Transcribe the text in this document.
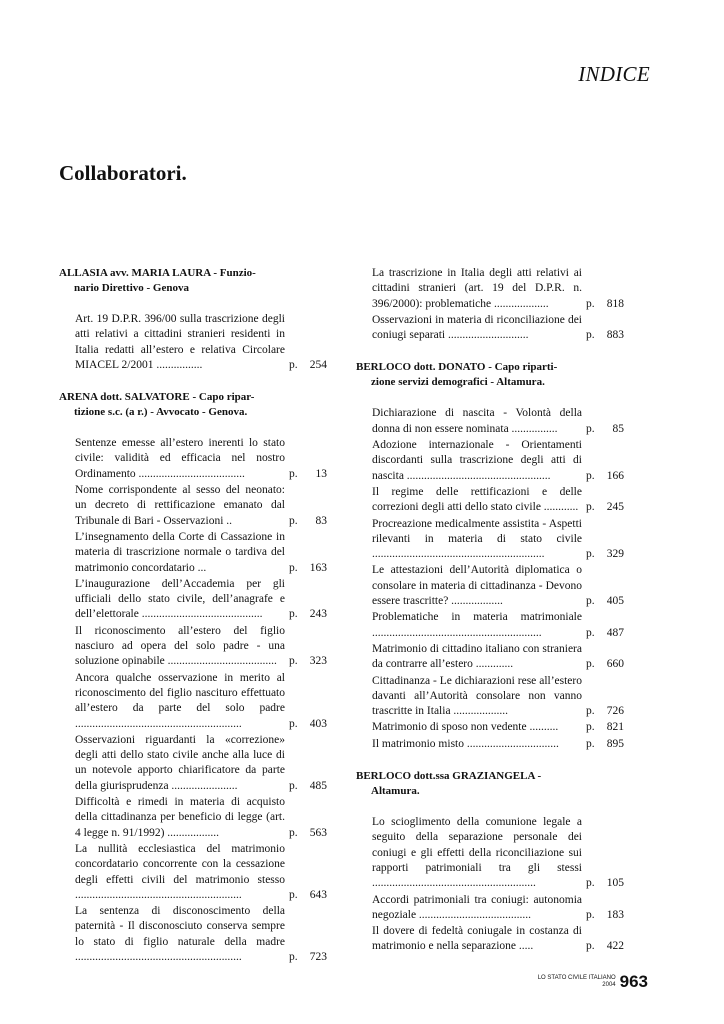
INDICE
Collaboratori.
ALLASIA avv. MARIA LAURA - Funzio-
nario Direttivo - Genova
Art. 19 D.P.R. 396/00 sulla trascrizione degli atti relativi a cittadini stranieri residenti in Italia redatti all’estero e relativa Circolare MIACEL 2/2001 ................	p. 254
ARENA dott. SALVATORE - Capo ripar-
tizione s.c. (a r.) - Avvocato - Genova.
Sentenze emesse all’estero inerenti lo stato civile: validità ed efficacia nel nostro Ordinamento .....................................	p. 13
Nome corrispondente al sesso del neonato: un decreto di rettificazione emanato dal Tribunale di Bari - Osservazioni ..	p. 83
L’insegnamento della Corte di Cassazione in materia di trascrizione normale o tardiva del matrimonio concordatario ...	p. 163
L’inaugurazione dell’Accademia per gli ufficiali dello stato civile, dell’anagrafe e dell’elettorale ..........................................	p. 243
Il riconoscimento all’estero del figlio nasciuro ad opera del solo padre - una soluzione opinabile ......................................	p. 323
Ancora qualche osservazione in merito al riconoscimento del figlio nascituro effettuato all’estero da parte del solo padre ..........................................................	p. 403
Osservazioni riguardanti la «correzione» degli atti dello stato civile anche alla luce di un notevole apporto chiarificatore da parte della giurisprudenza .......................	p. 485
Difficoltà e rimedi in materia di acquisto della cittadinanza per beneficio di legge (art. 4 legge n. 91/1992) ..................	p. 563
La nullità ecclesiastica del matrimonio concordatario concorrente con la cessazione degli effetti civili del matrimonio stesso ..........................................................	p. 643
La sentenza di disconoscimento della paternità - Il disconosciuto conserva sempre lo stato di figlio naturale della madre ..........................................................	p. 723
La trascrizione in Italia degli atti relativi ai cittadini stranieri (art. 19 del D.P.R. n. 396/2000): problematiche ...................	p. 818
Osservazioni in materia di riconciliazione dei coniugi separati ............................	p. 883
BERLOCO dott. DONATO - Capo riparti-
zione servizi demografici - Altamura.
Dichiarazione di nascita - Volontà della donna di non essere nominata ................	p. 85
Adozione internazionale - Orientamenti discordanti sulla trascrizione degli atti di nascita ..................................................	p. 166
Il regime delle rettificazioni e delle correzioni degli atti dello stato civile ............ p. 245
Procreazione medicalmente assistita - Aspetti rilevanti in materia di stato civile ............................................................	p. 329
Le attestazioni dell’Autorità diplomatica o consolare in materia di cittadinanza - Devono essere trascritte? ..................	p. 405
Problematiche in materia matrimoniale ...........................................................	p. 487
Matrimonio di cittadino italiano con straniera da contrarre all’estero .............	p. 660
Cittadinanza - Le dichiarazioni rese all’estero davanti all’Autorità consolare non vanno trascritte in Italia ...................	p. 726
Matrimonio di sposo non vedente ..........	p. 821
Il matrimonio misto ................................	p. 895
BERLOCO dott.ssa GRAZIANGELA -
Altamura.
Lo scioglimento della comunione legale a seguito della separazione personale dei coniugi e gli effetti della riconciliazione sui rapporti patrimoniali tra gli stessi .........................................................	p. 105
Accordi patrimoniali tra coniugi: autonomia negoziale .......................................	p. 183
Il dovere di fedeltà coniugale in costanza di matrimonio e nella separazione .....	p. 422
LO STATO CIVILE ITALIANO
2004 963
